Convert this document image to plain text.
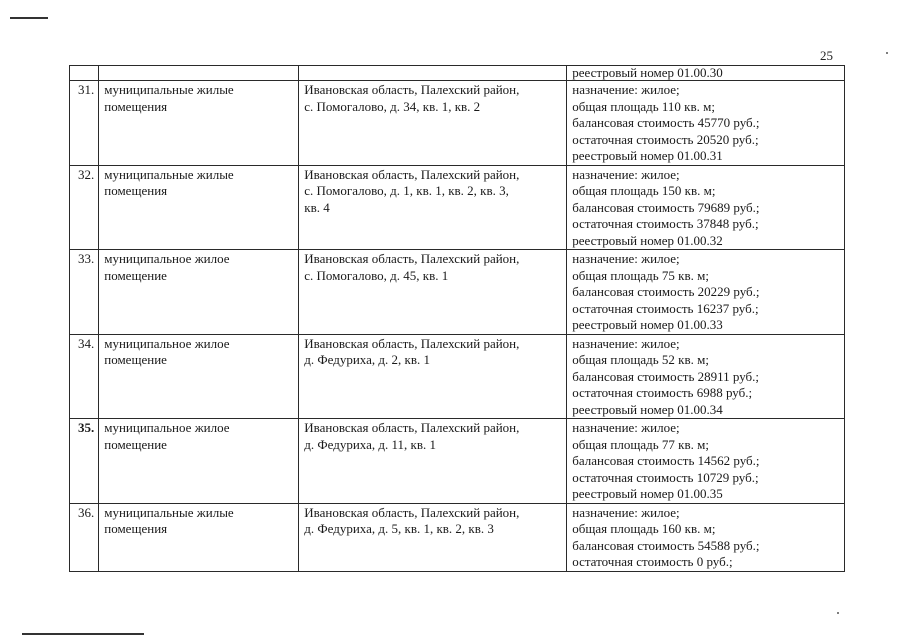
25

			реестровый номер 01.00.30

31.	муниципальные жилые
помещения	Ивановская область, Палехский район,
с. Помогалово, д. 34, кв. 1, кв. 2	назначение: жилое;
общая площадь 110 кв. м;
балансовая стоимость 45770 руб.;
остаточная стоимость 20520 руб.;
реестровый номер 01.00.31

32.	муниципальные жилые
помещения	Ивановская область, Палехский район,
с. Помогалово, д. 1, кв. 1, кв. 2, кв. 3,
кв. 4	назначение: жилое;
общая площадь 150 кв. м;
балансовая стоимость 79689 руб.;
остаточная стоимость 37848 руб.;
реестровый номер 01.00.32

33.	муниципальное жилое
помещение	Ивановская область, Палехский район,
с. Помогалово, д. 45, кв. 1	назначение: жилое;
общая площадь 75 кв. м;
балансовая стоимость 20229 руб.;
остаточная стоимость 16237 руб.;
реестровый номер 01.00.33

34.	муниципальное жилое
помещение	Ивановская область, Палехский район,
д. Федуриха, д. 2, кв. 1	назначение: жилое;
общая площадь 52 кв. м;
балансовая стоимость 28911 руб.;
остаточная стоимость 6988 руб.;
реестровый номер 01.00.34

35.	муниципальное жилое
помещение	Ивановская область, Палехский район,
д. Федуриха, д. 11, кв. 1	назначение: жилое;
общая площадь 77 кв. м;
балансовая стоимость 14562 руб.;
остаточная стоимость 10729 руб.;
реестровый номер 01.00.35

36.	муниципальные жилые
помещения	Ивановская область, Палехский район,
д. Федуриха, д. 5, кв. 1, кв. 2, кв. 3	назначение: жилое;
общая площадь 160 кв. м;
балансовая стоимость 54588 руб.;
остаточная стоимость 0 руб.;
